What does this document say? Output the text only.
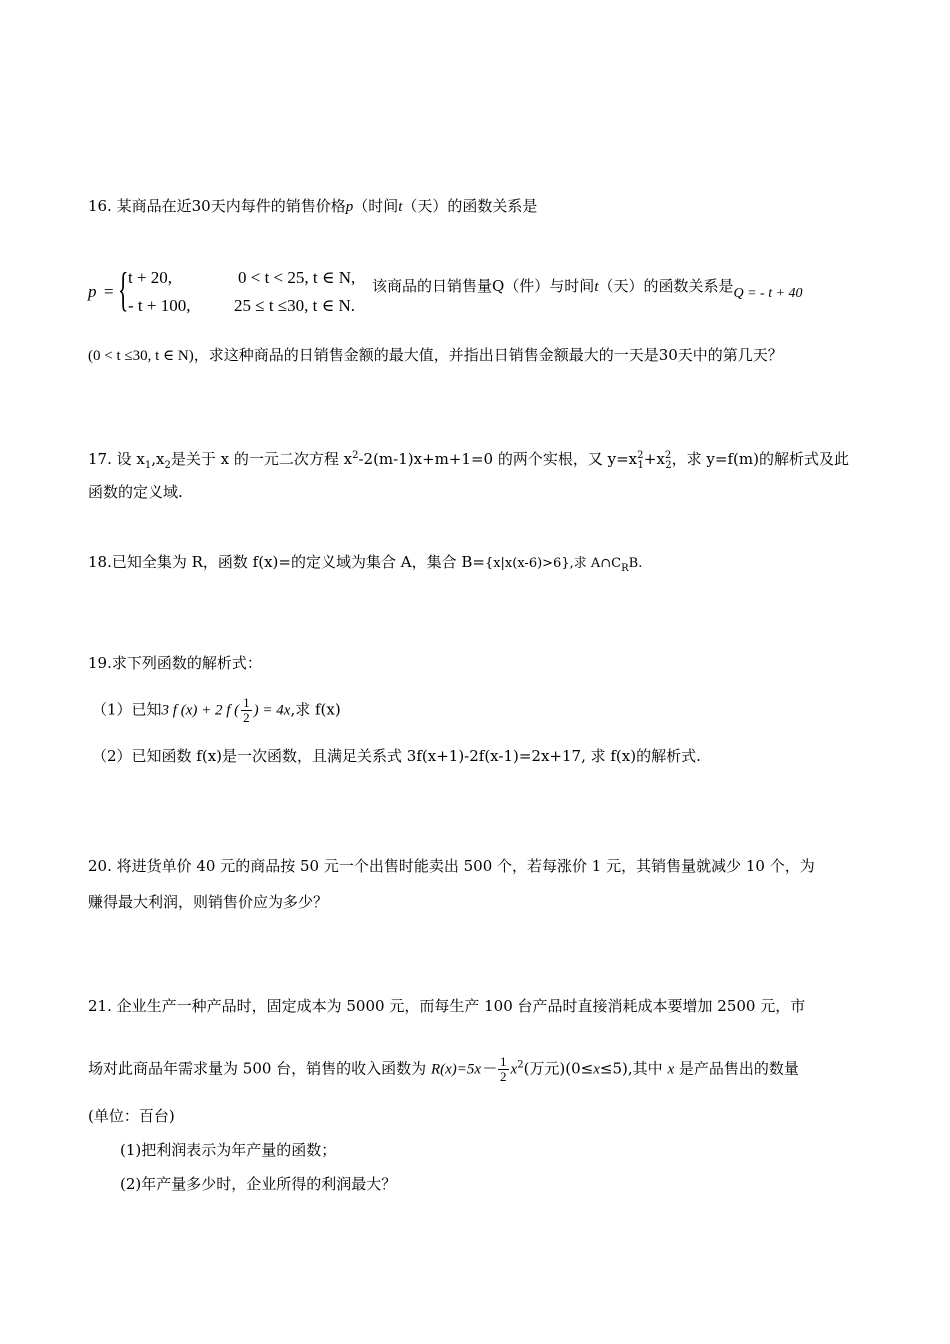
16. 某商品在近30天内每件的销售价格p（时间t（天）的函数关系是
p = { t + 20,	0 < t < 25, t ∈ N,
- t + 100,	25 ≤ t ≤30, t ∈ N.
该商品的日销售量Q（件）与时间t（天）的函数关系是Q = - t + 40
(0 < t ≤30, t ∈ N)，求这种商品的日销售金额的最大值，并指出日销售金额最大的一天是30天中的第几天？
17. 设 $x_1,x_2$是关于 x 的一元二次方程 $x^2-2(m-1)x+m+1=0$ 的两个实根，又 $y=x^2_1+x^2_2$，求 y=f(m)的解析式及此
函数的定义域.
18.已知全集为 R，函数 f(x)=的定义域为集合 A，集合 B={x|x(x-6)>6},求 $A\cap C_RB$.
19.求下列函数的解析式：
（1）已知3 f (x) + 2 f ( $\frac{1}{2}$ ) = 4x,求 f(x)
（2）已知函数 f(x)是一次函数，且满足关系式 3f(x+1)-2f(x-1)=2x+17, 求 f(x)的解析式.
20. 将进货单价 40 元的商品按 50 元一个出售时能卖出 500 个，若每涨价 1 元，其销售量就减少 10 个，为
赚得最大利润，则销售价应为多少？
21. 企业生产一种产品时，固定成本为 5000 元，而每生产 100 台产品时直接消耗成本要增加 2500 元，市
场对此商品年需求量为 500 台，销售的收入函数为 $R(x)=5x- \frac{1}{2} x^2$(万元)(0≤x≤5),其中 x 是产品售出的数量
(单位：百台)
(1)把利润表示为年产量的函数；
(2)年产量多少时，企业所得的利润最大？
